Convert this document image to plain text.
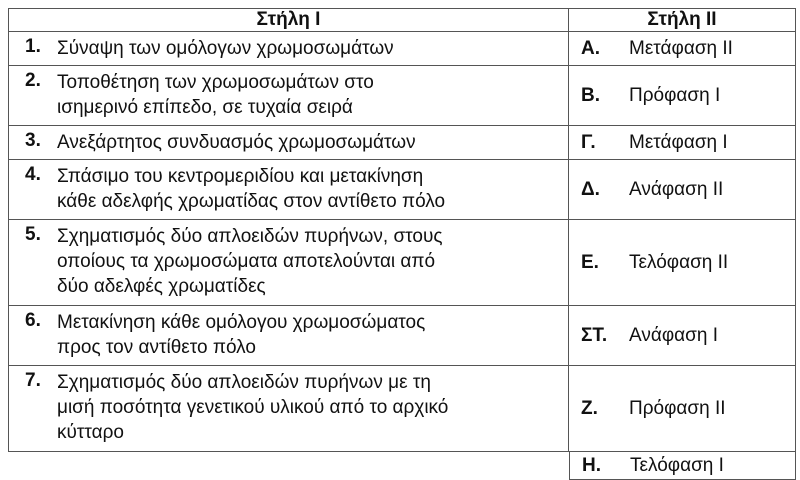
Στήλη Ι	Στήλη ΙΙ
1. Σύναψη των ομόλογων χρωμοσωμάτων	Α. Μετάφαση ΙΙ
2. Τοποθέτηση των χρωμοσωμάτων στο
ισημερινό επίπεδο, σε τυχαία σειρά
Β. Πρόφαση Ι
3. Ανεξάρτητος συνδυασμός χρωμοσωμάτων	Γ. Μετάφαση Ι
4. Σπάσιμο του κεντρομεριδίου και μετακίνηση
κάθε αδελφής χρωματίδας στον αντίθετο πόλο
Δ. Ανάφαση ΙΙ
5. Σχηματισμός δύο απλοειδών πυρήνων, στους
οποίους τα χρωμοσώματα αποτελούνται από
δύο αδελφές χρωματίδες
Ε. Τελόφαση ΙΙ
6. Μετακίνηση κάθε ομόλογου χρωμοσώματος
προς τον αντίθετο πόλο
ΣΤ. Ανάφαση Ι
7. Σχηματισμός δύο απλοειδών πυρήνων με τη
μισή ποσότητα γενετικού υλικού από το αρχικό
κύτταρο
Ζ. Πρόφαση ΙΙ
Η. Τελόφαση Ι
